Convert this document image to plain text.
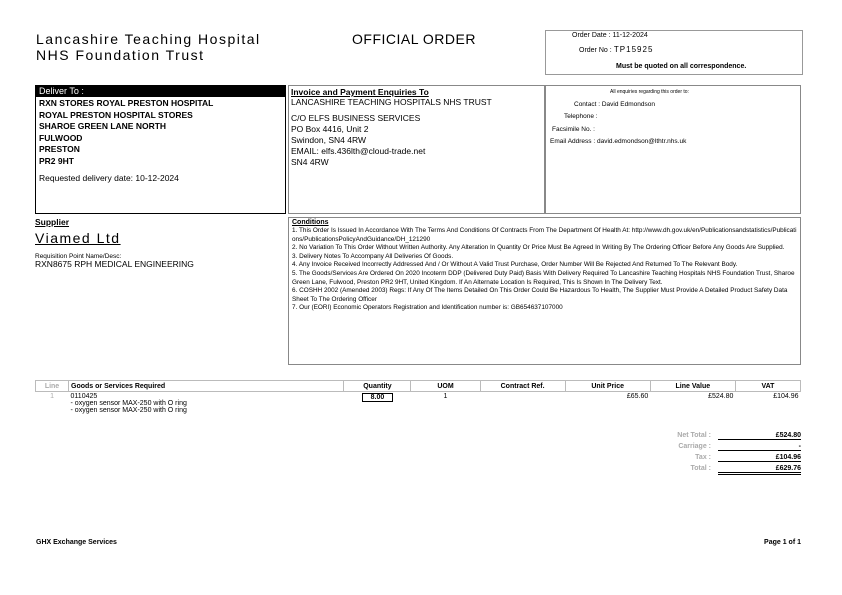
Lancashire Teaching Hospital
NHS Foundation Trust
OFFICIAL ORDER	Order Date : 11-12-2024
Order No : TP15925
Must be quoted on all correspondence.
Deliver To :
RXN STORES ROYAL PRESTON HOSPITAL
ROYAL PRESTON HOSPITAL STORES
SHAROE GREEN LANE NORTH
FULWOOD
PRESTON
PR2 9HT
Requested delivery date: 10-12-2024
Invoice and Payment Enquiries To
LANCASHIRE TEACHING HOSPITALS NHS TRUST
C/O ELFS BUSINESS SERVICES
PO Box 4416, Unit 2
Swindon, SN4 4RW
EMAIL: elfs.436lth@cloud-trade.net
SN4 4RW
All enquiries regarding this order to:
Contact : David Edmondson
Telephone :
Facsimile No. :
Email Address : david.edmondson@lthtr.nhs.uk
Supplier
Viamed Ltd
Requisition Point Name/Desc:
RXN8675 RPH MEDICAL ENGINEERING
Conditions
1. This Order Is Issued In Accordance With The Terms And Conditions Of Contracts From The Department Of Health At: http://www.dh.gov.uk/en/Publicationsandstatistics/Publications/PublicationsPolicyAndGuidance/DH_121290
2. No Variation To This Order Without Written Authority. Any Alteration In Quantity Or Price Must Be Agreed In Writing By The Ordering Officer Before Any Goods Are Supplied.
3. Delivery Notes To Accompany All Deliveries Of Goods.
4. Any Invoice Received Incorrectly Addressed And / Or Without A Valid Trust Purchase, Order Number Will Be Rejected And Returned To The Relevant Body.
5. The Goods/Services Are Ordered On 2020 Incoterm DDP (Delivered Duty Paid) Basis With Delivery Required To Lancashire Teaching Hospitals NHS Foundation Trust, Sharoe Green Lane, Fulwood, Preston PR2 9HT, United Kingdom. If An Alternate Location Is Required, This Is Shown In The Delivery Text.
6. COSHH 2002 (Amended 2003) Regs: If Any Of The Items Detailed On This Order Could Be Hazardous To Health, The Supplier Must Provide A Detailed Product Safety Data Sheet To The Ordering Officer
7. Our (EORI) Economic Operators Registration and Identification number is: GB654637107000
Line	Goods or Services Required	Quantity	UOM	Contract Ref.	Unit Price	Line Value	VAT
1	0110425
- oxygen sensor MAX-250 with O ring
- oxygen sensor MAX-250 with O ring	8.00	1		£65.60	£524.80	£104.96
Net Total :	£524.80
Carriage :	-
Tax :	£104.96
Total :	£629.76
GHX Exchange Services	Page 1 of 1
